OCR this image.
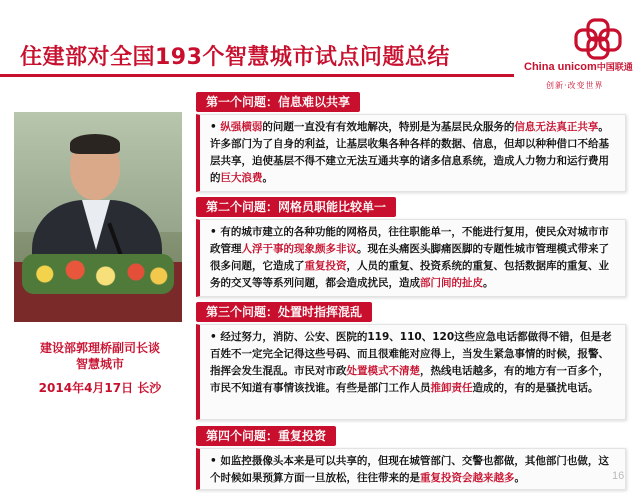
住建部对全国193个智慧城市试点问题总结	China unicom中国联通
创新·改变世界
建设部郭理桥副司长谈
智慧城市
2014年4月17日 长沙
第一个问题：信息难以共享
• 纵强横弱的问题一直没有有效地解决，特别是为基层民众服务的信息无法真正共享。许多部门为了自身的利益，让基层收集各种各样的数据、信息，但却以种种借口不给基层共享，迫使基层不得不建立无法互通共享的诸多信息系统，造成人力物力和运行费用的巨大浪费。
第二个问题：网格员职能比较单一
• 有的城市建立的各种功能的网格员，往往职能单一，不能进行复用，使民众对城市市政管理人浮于事的现象颇多非议。现在头痛医头脚痛医脚的专题性城市管理模式带来了很多问题，它造成了重复投资，人员的重复、投资系统的重复、包括数据库的重复、业务的交叉等等系列问题，都会造成扰民，造成部门间的扯皮。
第三个问题：处置时指挥混乱
• 经过努力，消防、公安、医院的119、110、120这些应急电话都做得不错，但是老百姓不一定完全记得这些号码、而且很难能对应得上，当发生紧急事情的时候，报警、指挥会发生混乱。市民对市政处置模式不清楚，热线电话越多，有的地方有一百多个，市民不知道有事情该找谁。有些是部门工作人员推卸责任造成的，有的是骚扰电话。
第四个问题：重复投资
• 如监控摄像头本来是可以共享的，但现在城管部门、交警也都做，其他部门也做，这个时候如果预算方面一旦放松，往往带来的是重复投资会越来越多。	16
